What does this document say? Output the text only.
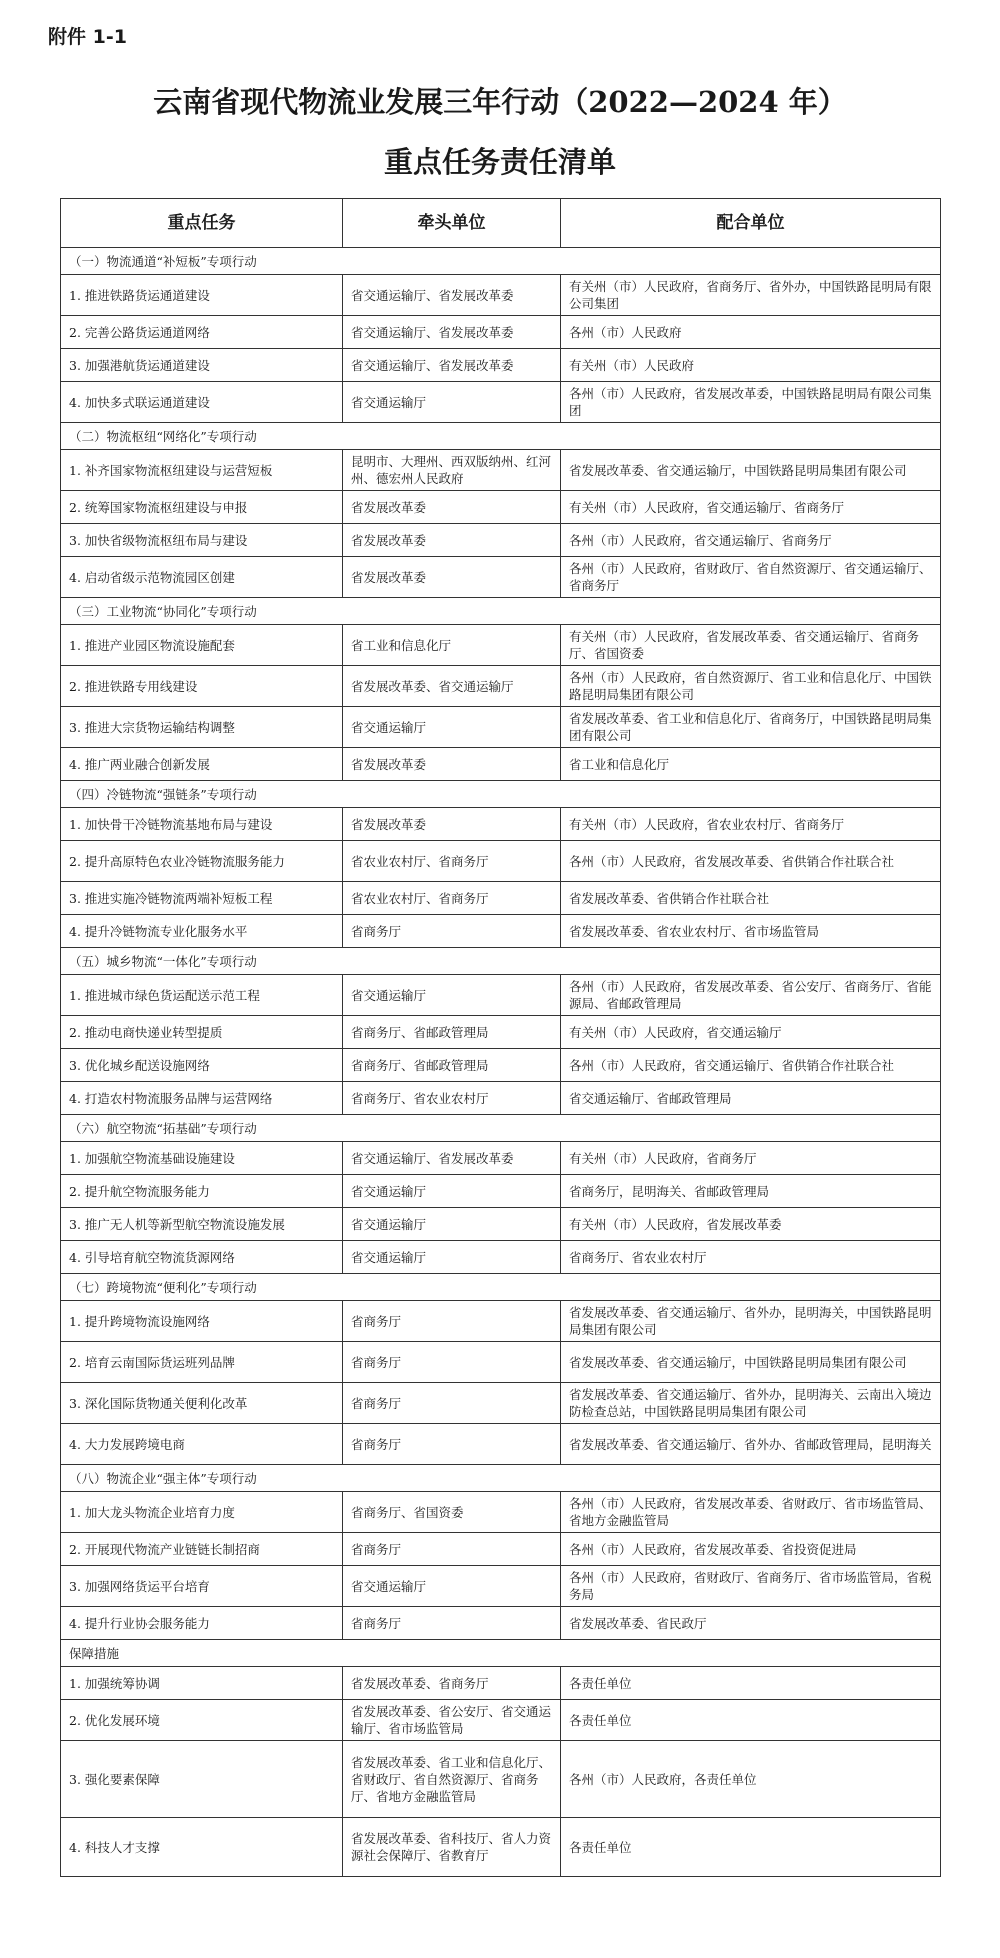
附件 1-1
云南省现代物流业发展三年行动（2022—2024 年）
重点任务责任清单
重点任务	牵头单位	配合单位
（一）物流通道“补短板”专项行动		
1. 推进铁路货运通道建设	省交通运输厅、省发展改革委	有关州（市）人民政府，省商务厅、省外办，中国铁路昆明局有限公司集团
2. 完善公路货运通道网络	省交通运输厅、省发展改革委	各州（市）人民政府
3. 加强港航货运通道建设	省交通运输厅、省发展改革委	有关州（市）人民政府
4. 加快多式联运通道建设	省交通运输厅	各州（市）人民政府，省发展改革委，中国铁路昆明局有限公司集团
（二）物流枢纽“网络化”专项行动		
1. 补齐国家物流枢纽建设与运营短板	昆明市、大理州、西双版纳州、红河州、德宏州人民政府	省发展改革委、省交通运输厅，中国铁路昆明局集团有限公司
2. 统筹国家物流枢纽建设与申报	省发展改革委	有关州（市）人民政府，省交通运输厅、省商务厅
3. 加快省级物流枢纽布局与建设	省发展改革委	各州（市）人民政府，省交通运输厅、省商务厅
4. 启动省级示范物流园区创建	省发展改革委	各州（市）人民政府，省财政厅、省自然资源厅、省交通运输厅、省商务厅
（三）工业物流“协同化”专项行动		
1. 推进产业园区物流设施配套	省工业和信息化厅	有关州（市）人民政府，省发展改革委、省交通运输厅、省商务厅、省国资委
2. 推进铁路专用线建设	省发展改革委、省交通运输厅	各州（市）人民政府，省自然资源厅、省工业和信息化厅、中国铁路昆明局集团有限公司
3. 推进大宗货物运输结构调整	省交通运输厅	省发展改革委、省工业和信息化厅、省商务厅，中国铁路昆明局集团有限公司
4. 推广两业融合创新发展	省发展改革委	省工业和信息化厅
（四）冷链物流“强链条”专项行动		
1. 加快骨干冷链物流基地布局与建设	省发展改革委	有关州（市）人民政府，省农业农村厅、省商务厅
2. 提升高原特色农业冷链物流服务能力	省农业农村厅、省商务厅	各州（市）人民政府，省发展改革委、省供销合作社联合社
3. 推进实施冷链物流两端补短板工程	省农业农村厅、省商务厅	省发展改革委、省供销合作社联合社
4. 提升冷链物流专业化服务水平	省商务厅	省发展改革委、省农业农村厅、省市场监管局
（五）城乡物流“一体化”专项行动		
1. 推进城市绿色货运配送示范工程	省交通运输厅	各州（市）人民政府，省发展改革委、省公安厅、省商务厅、省能源局、省邮政管理局
2. 推动电商快递业转型提质	省商务厅、省邮政管理局	有关州（市）人民政府，省交通运输厅
3. 优化城乡配送设施网络	省商务厅、省邮政管理局	各州（市）人民政府，省交通运输厅、省供销合作社联合社
4. 打造农村物流服务品牌与运营网络	省商务厅、省农业农村厅	省交通运输厅、省邮政管理局
（六）航空物流“拓基础”专项行动		
1. 加强航空物流基础设施建设	省交通运输厅、省发展改革委	有关州（市）人民政府，省商务厅
2. 提升航空物流服务能力	省交通运输厅	省商务厅，昆明海关、省邮政管理局
3. 推广无人机等新型航空物流设施发展	省交通运输厅	有关州（市）人民政府，省发展改革委
4. 引导培育航空物流货源网络	省交通运输厅	省商务厅、省农业农村厅
（七）跨境物流“便利化”专项行动		
1. 提升跨境物流设施网络	省商务厅	省发展改革委、省交通运输厅、省外办，昆明海关，中国铁路昆明局集团有限公司
2. 培育云南国际货运班列品牌	省商务厅	省发展改革委、省交通运输厅，中国铁路昆明局集团有限公司
3. 深化国际货物通关便利化改革	省商务厅	省发展改革委、省交通运输厅、省外办，昆明海关、云南出入境边防检查总站，中国铁路昆明局集团有限公司
4. 大力发展跨境电商	省商务厅	省发展改革委、省交通运输厅、省外办、省邮政管理局，昆明海关
（八）物流企业“强主体”专项行动		
1. 加大龙头物流企业培育力度	省商务厅、省国资委	各州（市）人民政府，省发展改革委、省财政厅、省市场监管局、省地方金融监管局
2. 开展现代物流产业链链长制招商	省商务厅	各州（市）人民政府，省发展改革委、省投资促进局
3. 加强网络货运平台培育	省交通运输厅	各州（市）人民政府，省财政厅、省商务厅、省市场监管局，省税务局
4. 提升行业协会服务能力	省商务厅	省发展改革委、省民政厅
保障措施		
1. 加强统筹协调	省发展改革委、省商务厅	各责任单位
2. 优化发展环境	省发展改革委、省公安厅、省交通运输厅、省市场监管局	各责任单位
3. 强化要素保障	省发展改革委、省工业和信息化厅、省财政厅、省自然资源厅、省商务厅、省地方金融监管局	各州（市）人民政府，各责任单位
4. 科技人才支撑	省发展改革委、省科技厅、省人力资源社会保障厅、省教育厅	各责任单位
